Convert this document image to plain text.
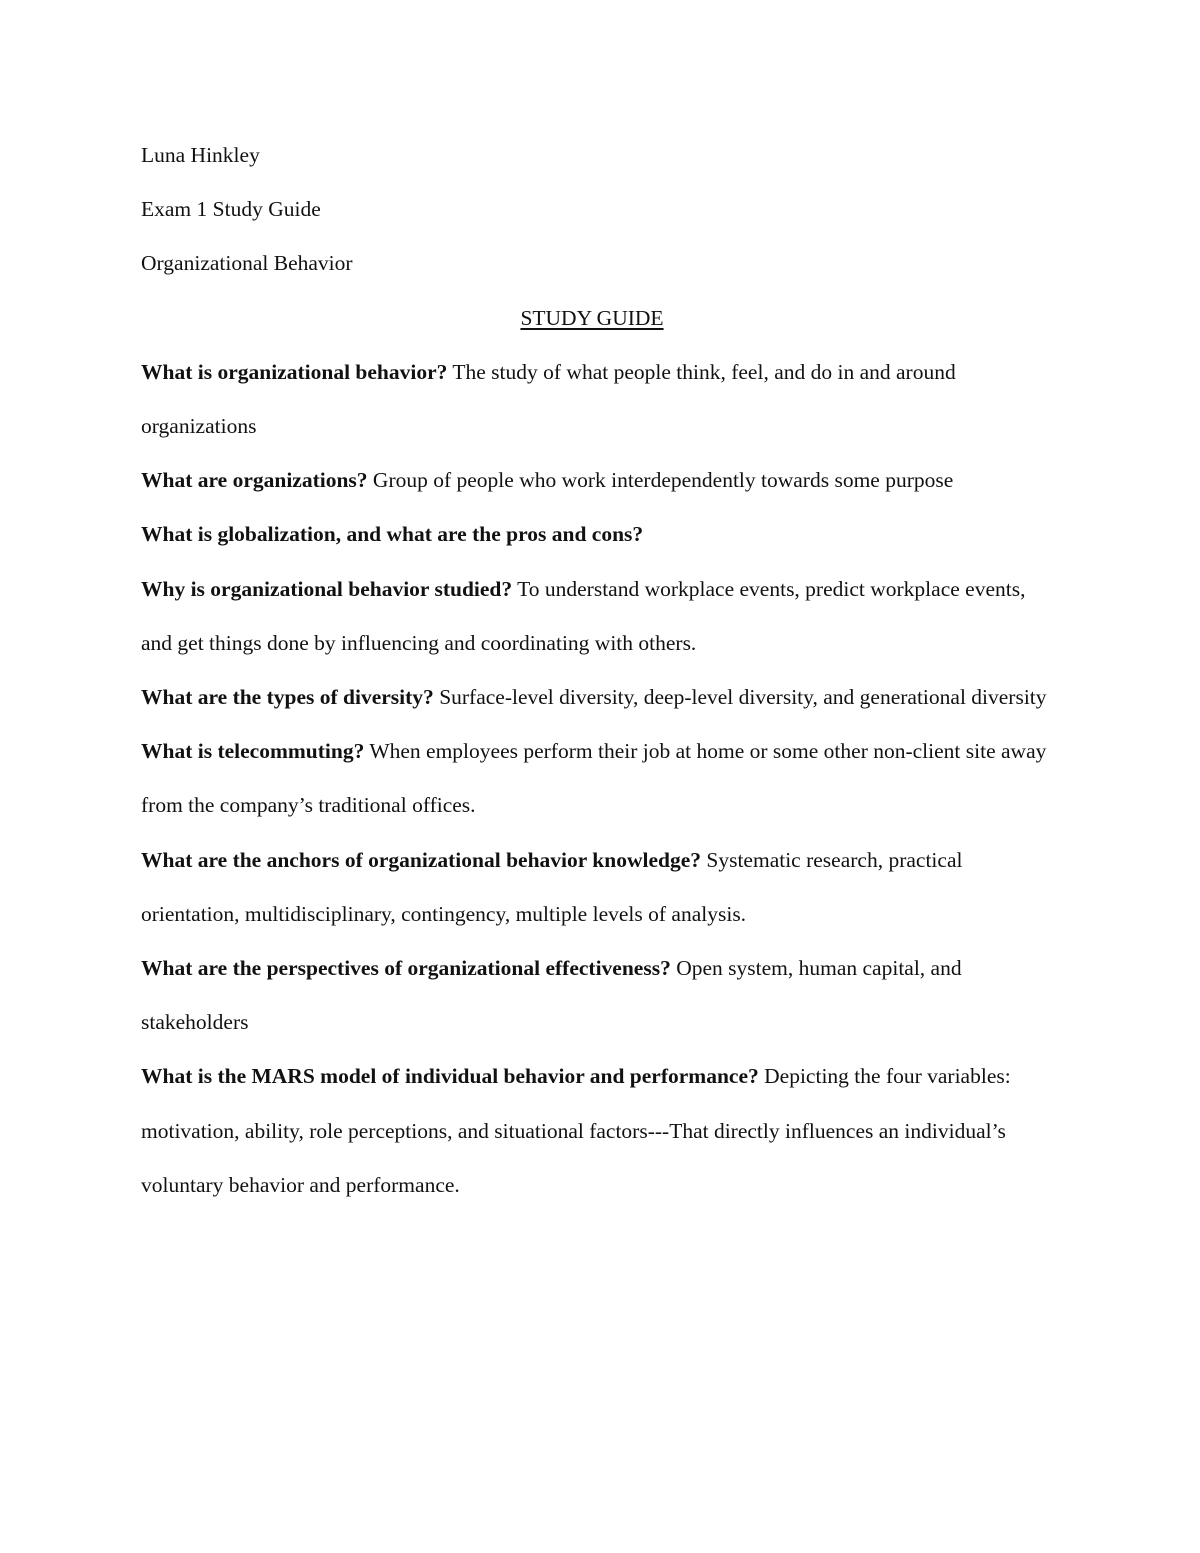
Luna Hinkley

Exam 1 Study Guide

Organizational Behavior

STUDY GUIDE

What is organizational behavior? The study of what people think, feel, and do in and around organizations

What are organizations? Group of people who work interdependently towards some purpose

What is globalization, and what are the pros and cons?

Why is organizational behavior studied? To understand workplace events, predict workplace events, and get things done by influencing and coordinating with others.

What are the types of diversity? Surface-level diversity, deep-level diversity, and generational diversity

What is telecommuting? When employees perform their job at home or some other non-client site away from the company’s traditional offices.

What are the anchors of organizational behavior knowledge? Systematic research, practical orientation, multidisciplinary, contingency, multiple levels of analysis.

What are the perspectives of organizational effectiveness? Open system, human capital, and stakeholders

What is the MARS model of individual behavior and performance? Depicting the four variables: motivation, ability, role perceptions, and situational factors---That directly influences an individual’s voluntary behavior and performance.
